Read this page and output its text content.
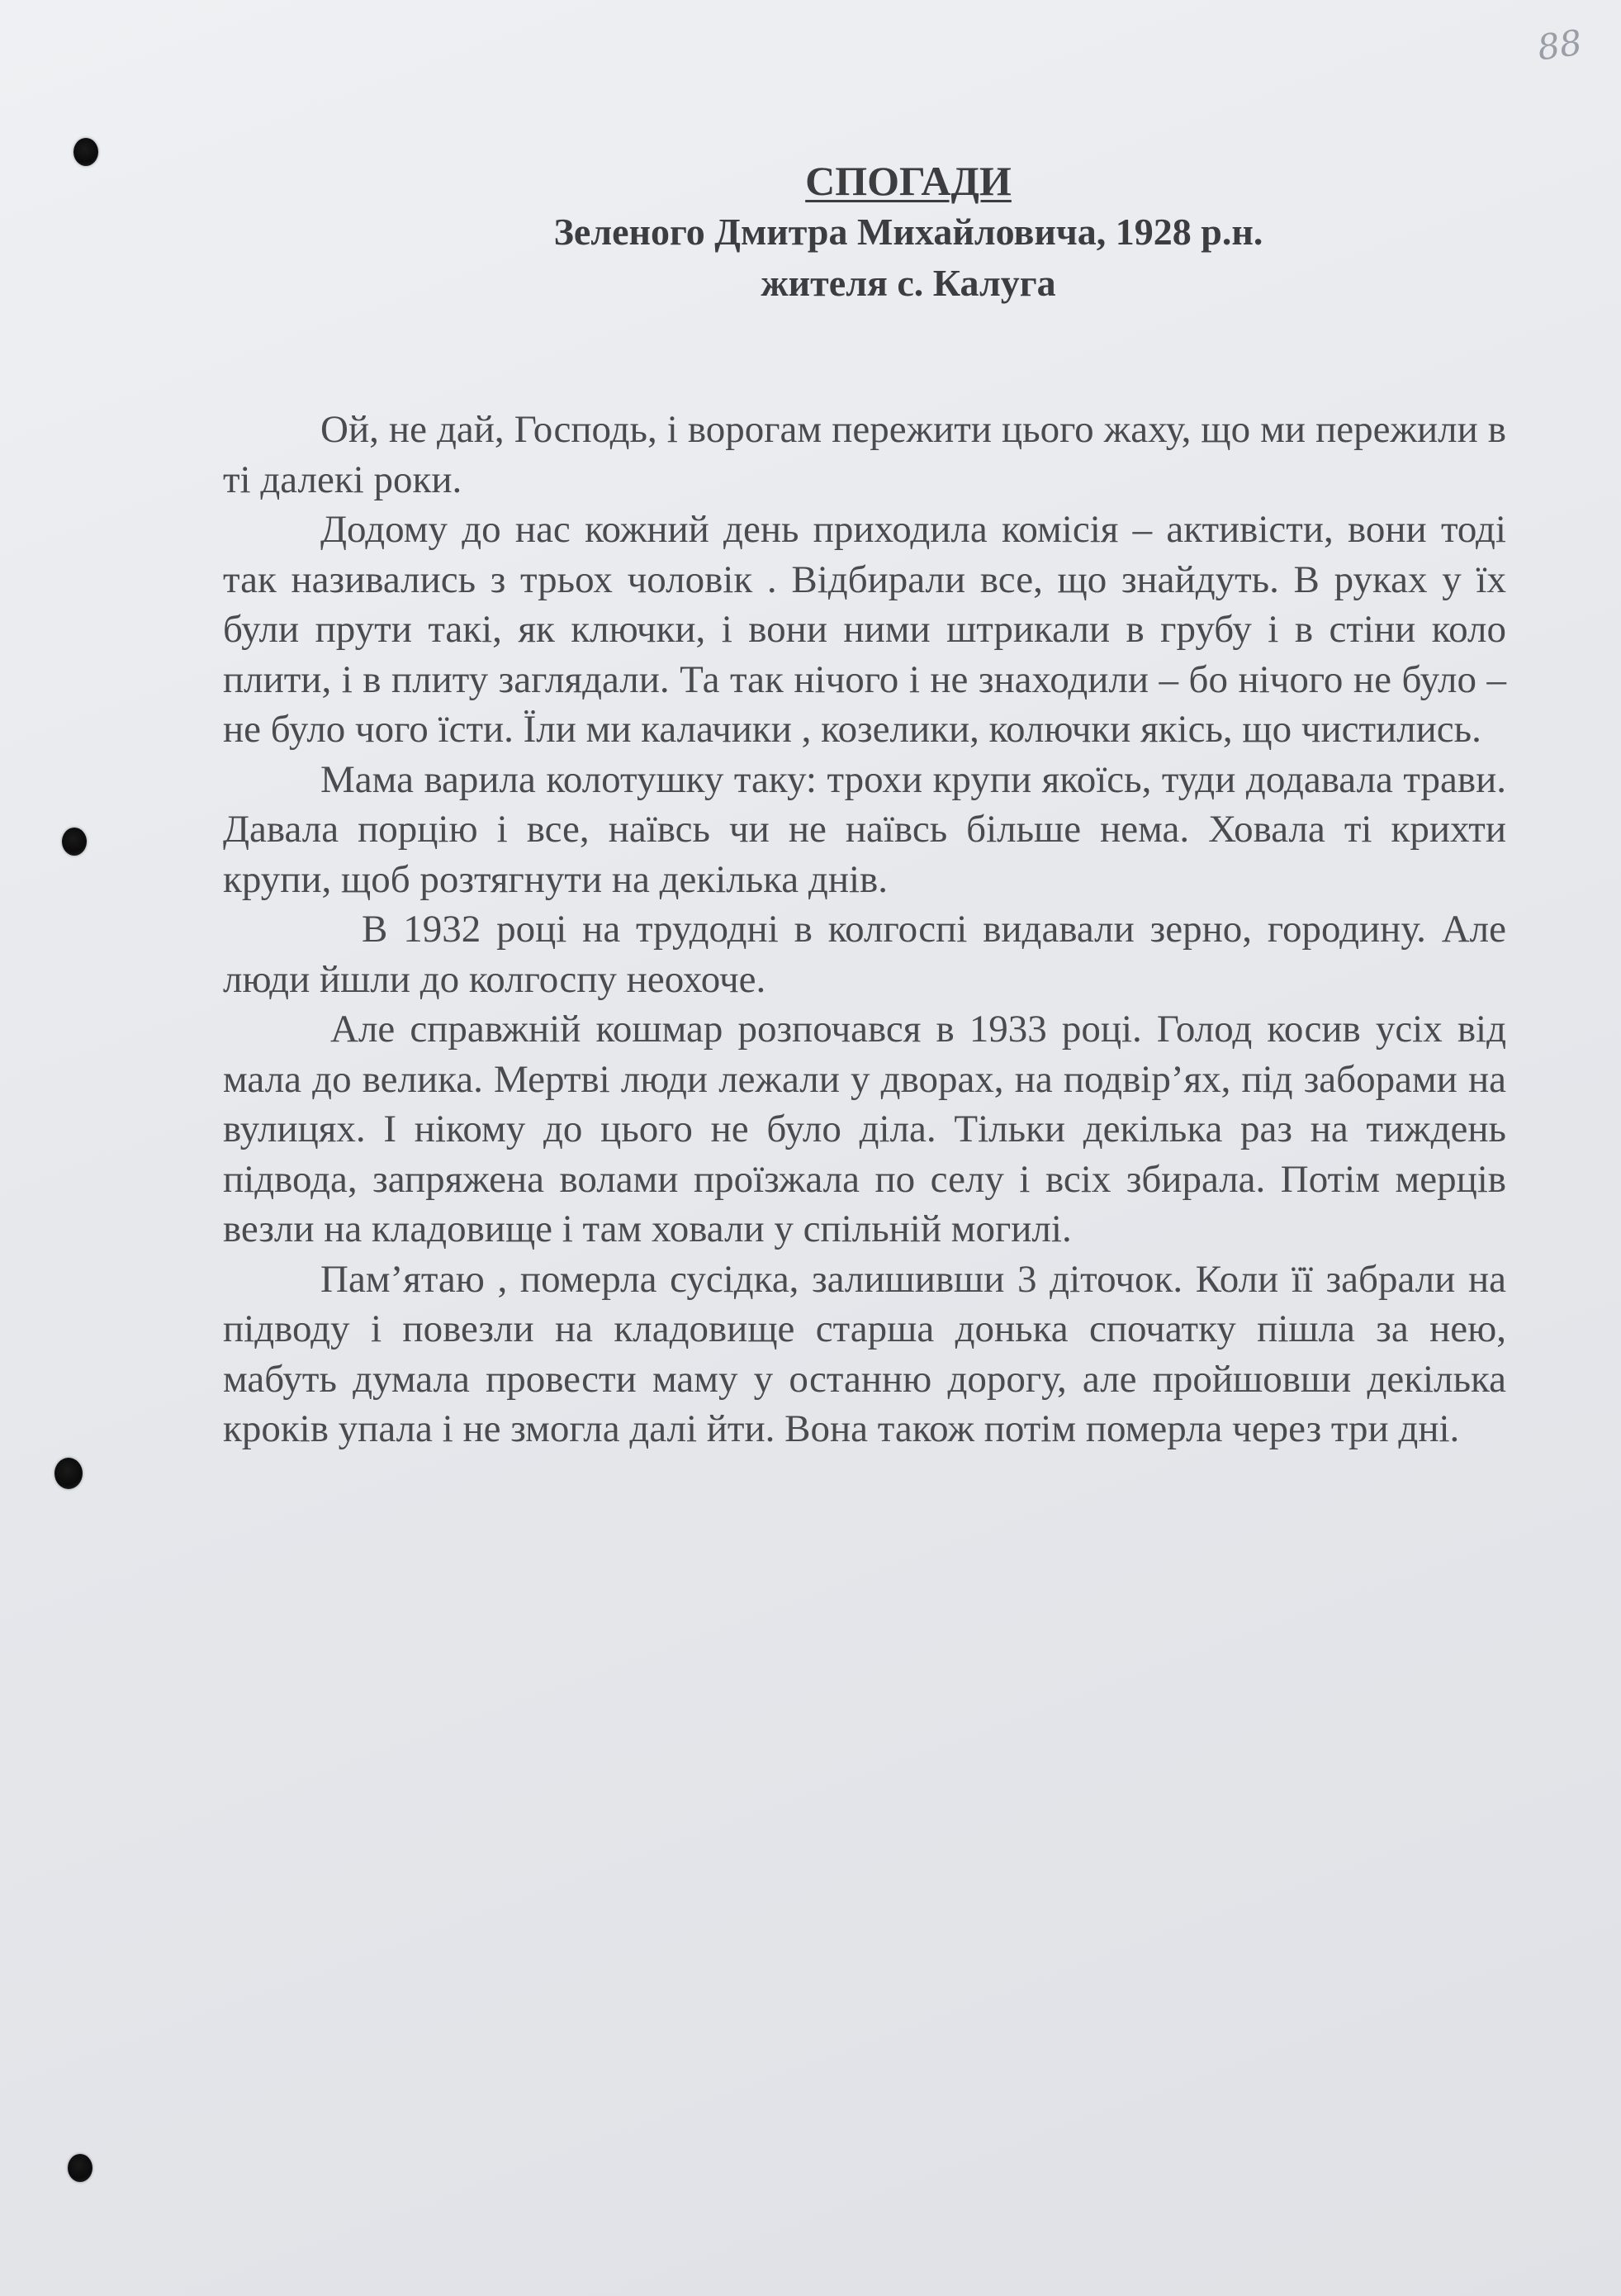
88
СПОГАДИ
Зеленого Дмитра Михайловича, 1928 р.н.
жителя с. Калуга

Ой, не дай, Господь, і ворогам пережити цього жаху, що ми пережили в ті далекі роки.

Додому до нас кожний день приходила комісія – активісти, вони тоді так називались з трьох чоловік . Відбирали все, що знайдуть. В руках у їх були прути такі, як ключки, і вони ними штрикали в грубу і в стіни коло плити, і в плиту заглядали. Та так нічого і не знаходили – бо нічого не було – не було чого їсти. Їли ми калачики , козелики, колючки якісь, що чистились.

Мама варила колотушку таку: трохи крупи якоїсь, туди додавала трави. Давала порцію і все, наївсь чи не наївсь більше нема. Ховала ті крихти крупи, щоб розтягнути на декілька днів.

В 1932 році на трудодні в колгоспі видавали зерно, городину. Але люди йшли до колгоспу неохоче.

Але справжній кошмар розпочався в 1933 році. Голод косив усіх від мала до велика. Мертві люди лежали у дворах, на подвір’ях, під заборами на вулицях. І нікому до цього не було діла. Тільки декілька раз на тиждень підвода, запряжена волами проїзжала по селу і всіх збирала. Потім мерців везли на кладовище і там ховали у спільній могилі.

Пам’ятаю , померла сусідка, залишивши 3 діточок. Коли її забрали на підводу і повезли на кладовище старша донька спочатку пішла за нею, мабуть думала провести маму у останню дорогу, але пройшовши декілька кроків упала і не змогла далі йти. Вона також потім померла через три дні.
